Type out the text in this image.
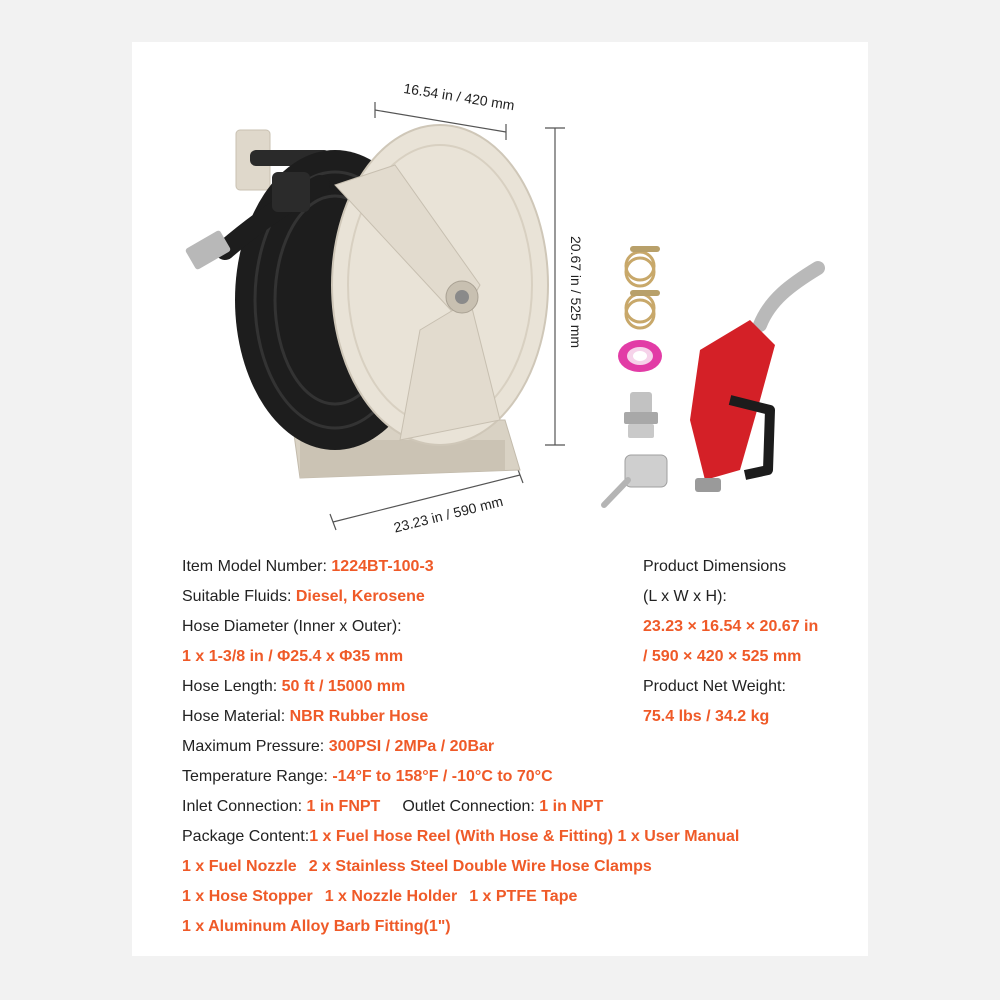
16.54 in / 420 mm
20.67 in / 525 mm
23.23 in / 590 mm
Item Model Number: 1224BT-100-3
Suitable Fluids: Diesel, Kerosene
Hose Diameter (Inner x Outer):
1 x 1-3/8 in / Φ25.4 x Φ35 mm
Hose Length: 50 ft / 15000 mm
Hose Material: NBR Rubber Hose
Maximum Pressure: 300PSI / 2MPa / 20Bar
Temperature Range: -14°F to 158°F / -10°C to 70°C
Inlet Connection: 1 in FNPT Outlet Connection: 1 in NPT
Package Content:1 x Fuel Hose Reel (With Hose & Fitting) 1 x User Manual
1 x Fuel Nozzle 2 x Stainless Steel Double Wire Hose Clamps
1 x Hose Stopper 1 x Nozzle Holder 1 x PTFE Tape
1 x Aluminum Alloy Barb Fitting(1")
Product Dimensions
(L x W x H):
23.23 × 16.54 × 20.67 in
/ 590 × 420 × 525 mm
Product Net Weight:
75.4 lbs / 34.2 kg
